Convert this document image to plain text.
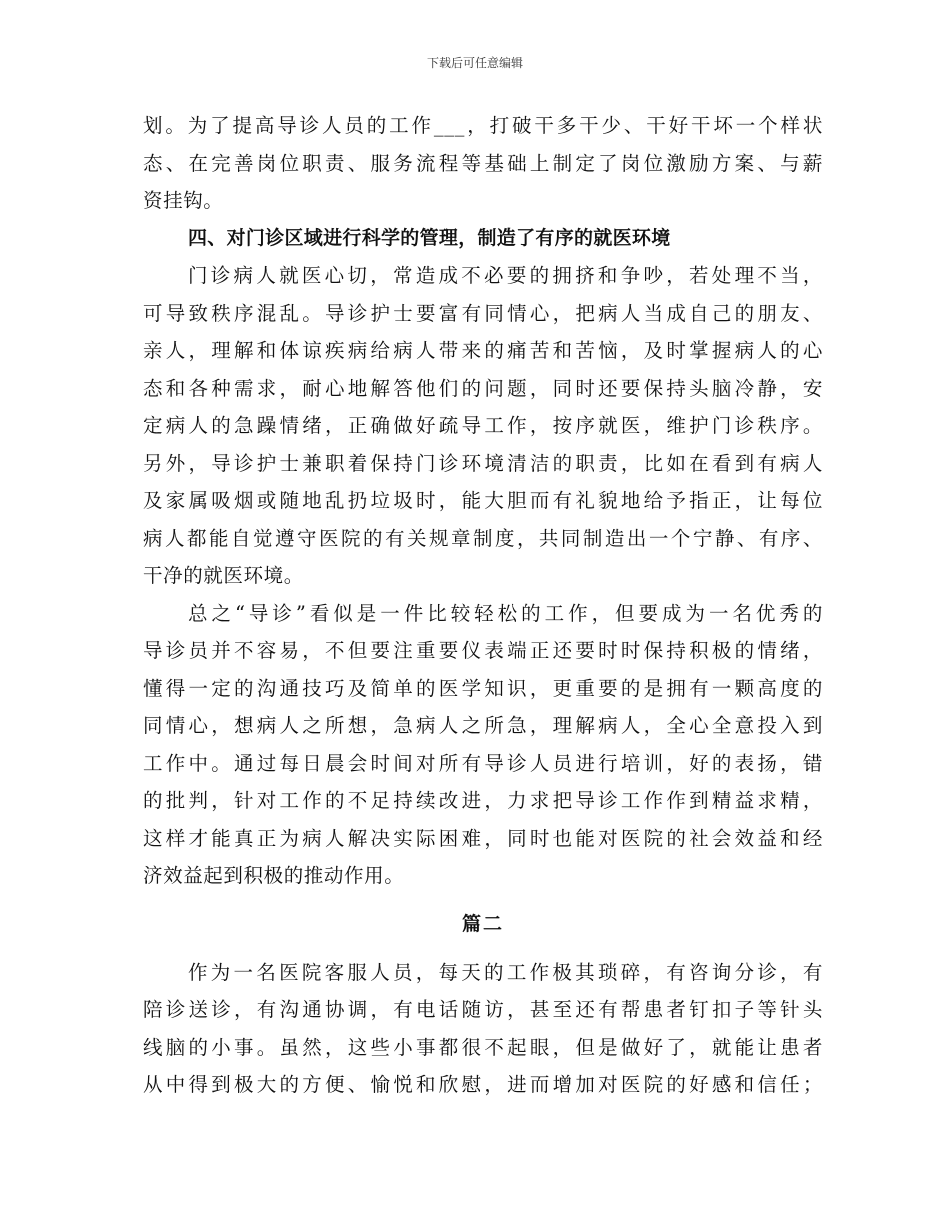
下载后可任意编辑
划。为了提高导诊人员的工作___，打破干多干少、干好干坏一个样状
态、在完善岗位职责、服务流程等基础上制定了岗位激励方案、与薪
资挂钩。
四、对门诊区域进行科学的管理，制造了有序的就医环境
门诊病人就医心切，常造成不必要的拥挤和争吵，若处理不当，
可导致秩序混乱。导诊护士要富有同情心，把病人当成自己的朋友、
亲人，理解和体谅疾病给病人带来的痛苦和苦恼，及时掌握病人的心
态和各种需求，耐心地解答他们的问题，同时还要保持头脑冷静，安
定病人的急躁情绪，正确做好疏导工作，按序就医，维护门诊秩序。
另外，导诊护士兼职着保持门诊环境清洁的职责，比如在看到有病人
及家属吸烟或随地乱扔垃圾时，能大胆而有礼貌地给予指正，让每位
病人都能自觉遵守医院的有关规章制度，共同制造出一个宁静、有序、
干净的就医环境。
总之“导诊”看似是一件比较轻松的工作，但要成为一名优秀的
导诊员并不容易，不但要注重要仪表端正还要时时保持积极的情绪，
懂得一定的沟通技巧及简单的医学知识，更重要的是拥有一颗高度的
同情心，想病人之所想，急病人之所急，理解病人，全心全意投入到
工作中。通过每日晨会时间对所有导诊人员进行培训，好的表扬，错
的批判，针对工作的不足持续改进，力求把导诊工作作到精益求精，
这样才能真正为病人解决实际困难，同时也能对医院的社会效益和经
济效益起到积极的推动作用。
篇二
作为一名医院客服人员，每天的工作极其琐碎，有咨询分诊，有
陪诊送诊，有沟通协调，有电话随访，甚至还有帮患者钉扣子等针头
线脑的小事。虽然，这些小事都很不起眼，但是做好了，就能让患者
从中得到极大的方便、愉悦和欣慰，进而增加对医院的好感和信任；
